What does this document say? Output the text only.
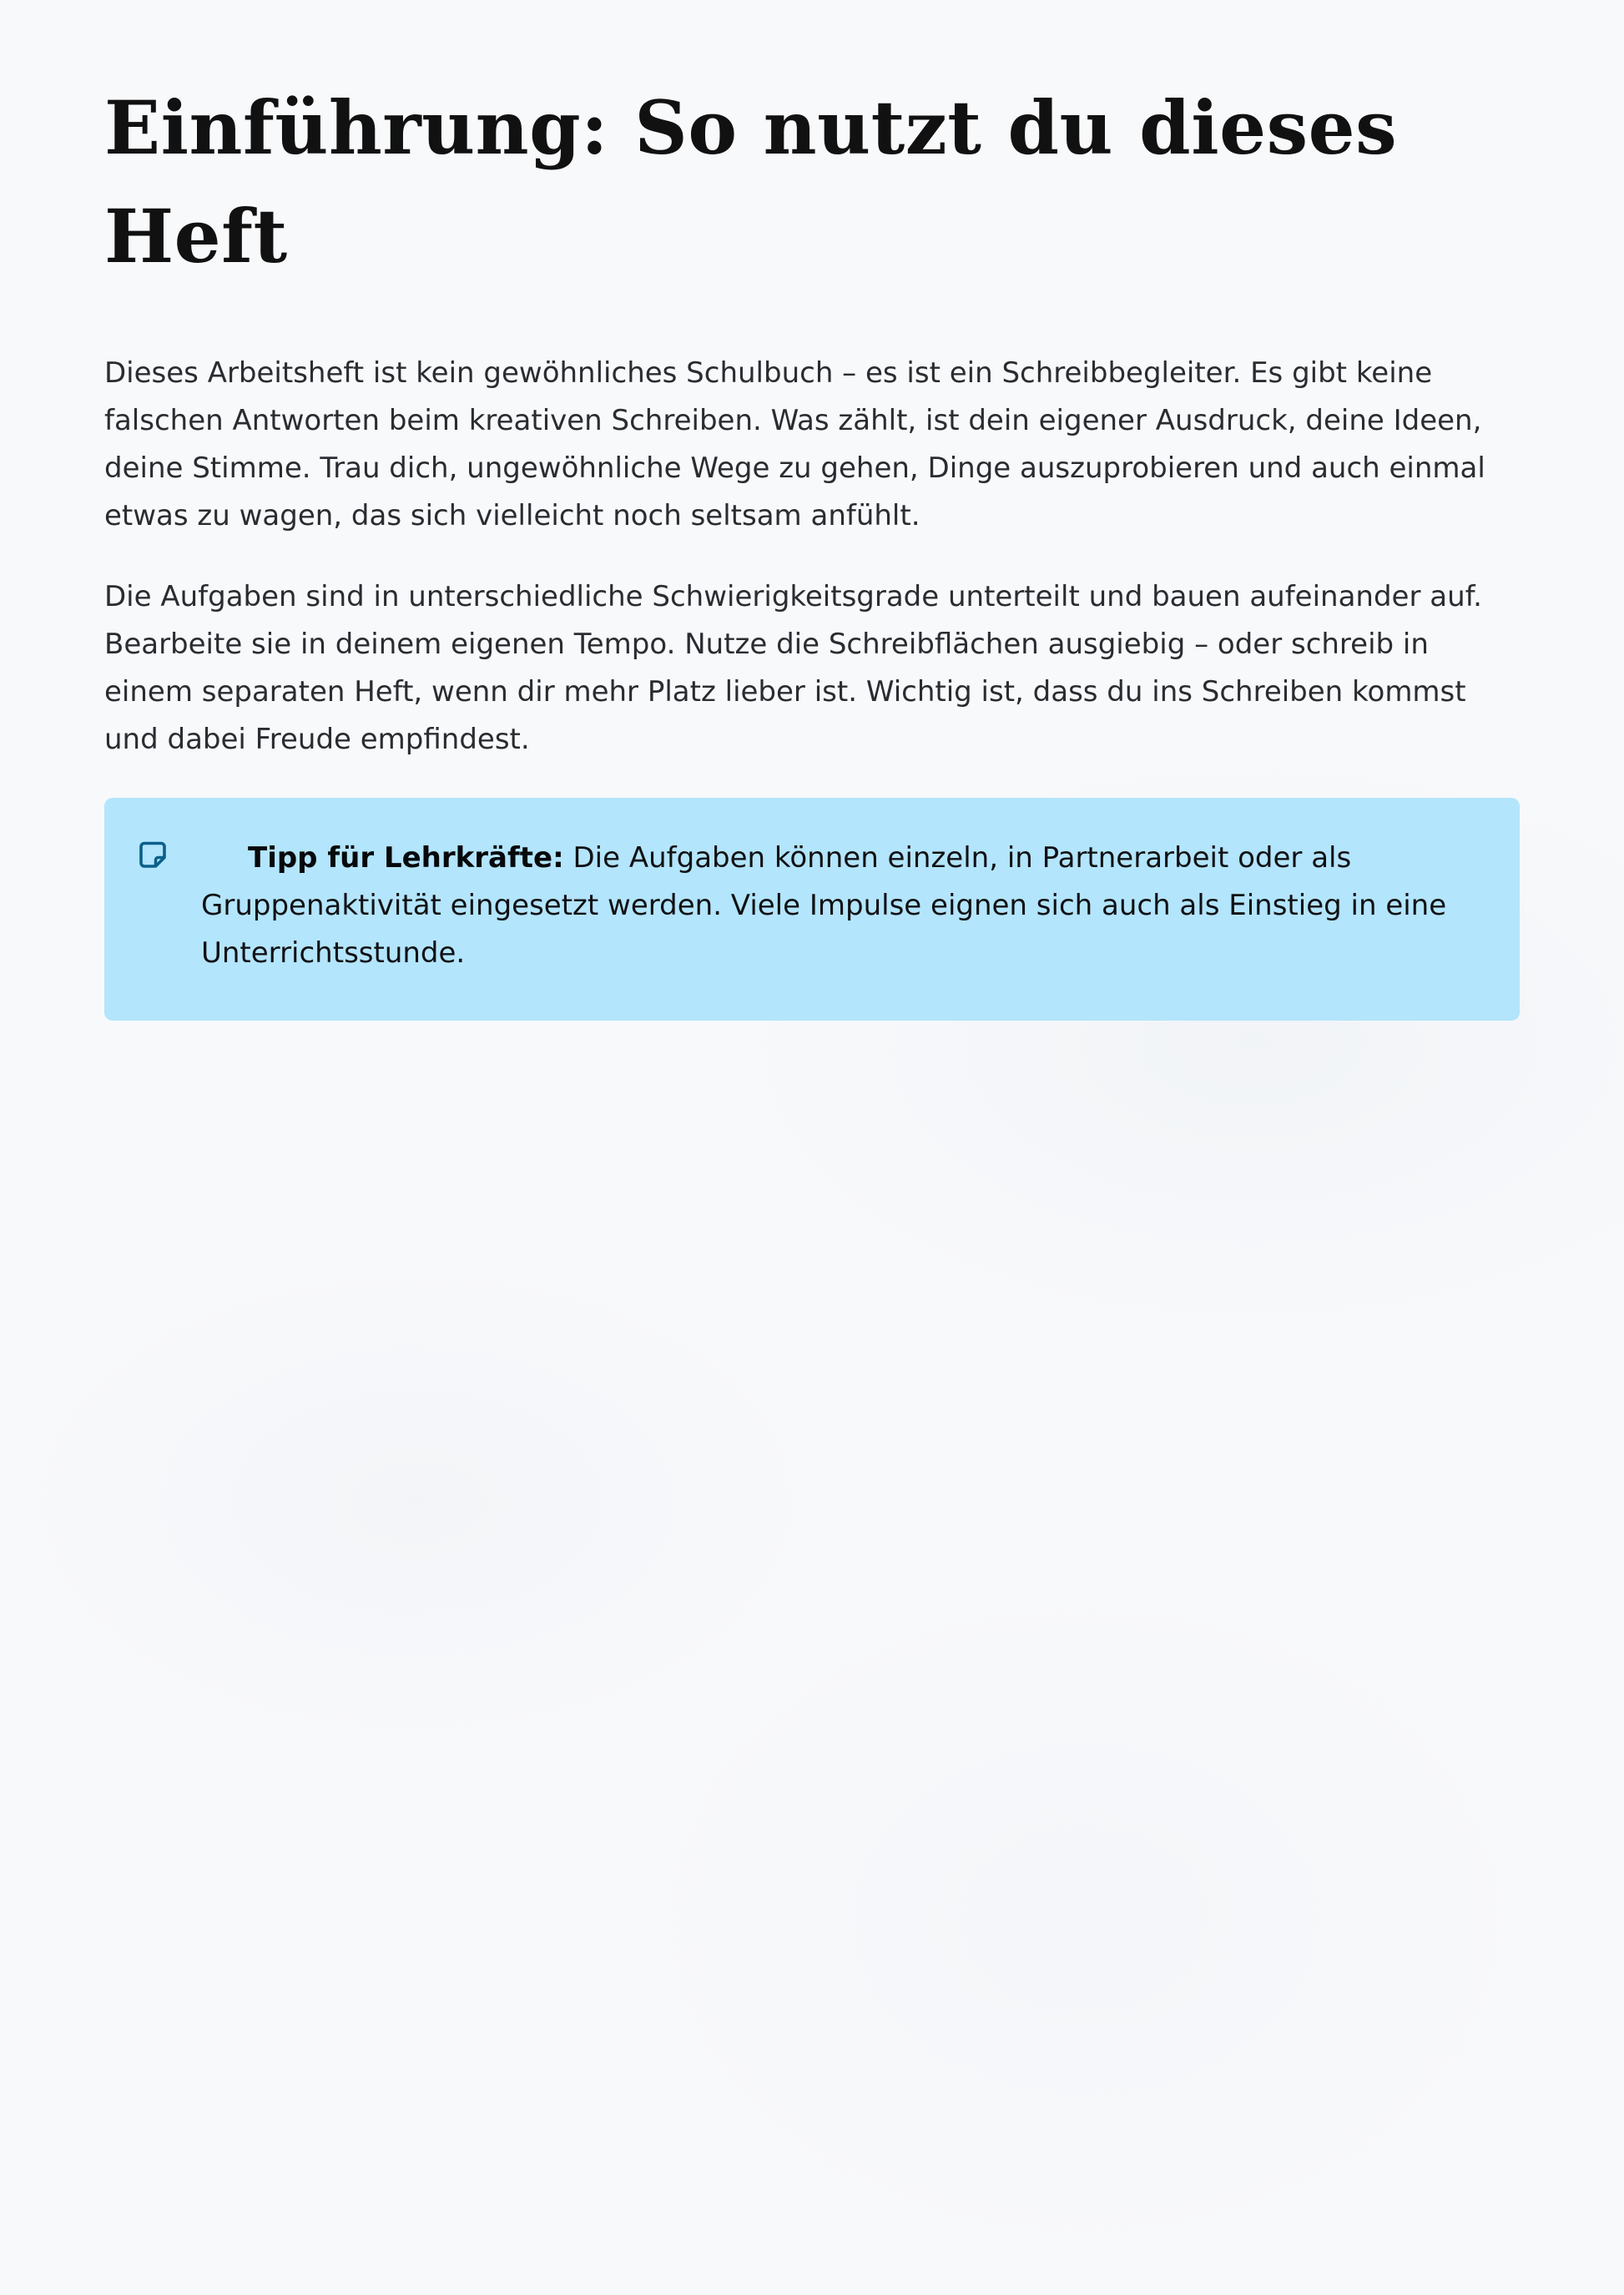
Einführung: So nutzt du dieses Heft

Dieses Arbeitsheft ist kein gewöhnliches Schulbuch – es ist ein Schreibbegleiter. Es gibt keine falschen Antworten beim kreativen Schreiben. Was zählt, ist dein eigener Ausdruck, deine Ideen, deine Stimme. Trau dich, ungewöhnliche Wege zu gehen, Dinge auszuprobieren und auch einmal etwas zu wagen, das sich vielleicht noch seltsam anfühlt.

Die Aufgaben sind in unterschiedliche Schwierigkeitsgrade unterteilt und bauen aufeinander auf. Bearbeite sie in deinem eigenen Tempo. Nutze die Schreibflächen ausgiebig – oder schreib in einem separaten Heft, wenn dir mehr Platz lieber ist. Wichtig ist, dass du ins Schreiben kommst und dabei Freude empfindest.

Tipp für Lehrkräfte: Die Aufgaben können einzeln, in Partnerarbeit oder als Gruppenaktivität eingesetzt werden. Viele Impulse eignen sich auch als Einstieg in eine Unterrichtsstunde.
